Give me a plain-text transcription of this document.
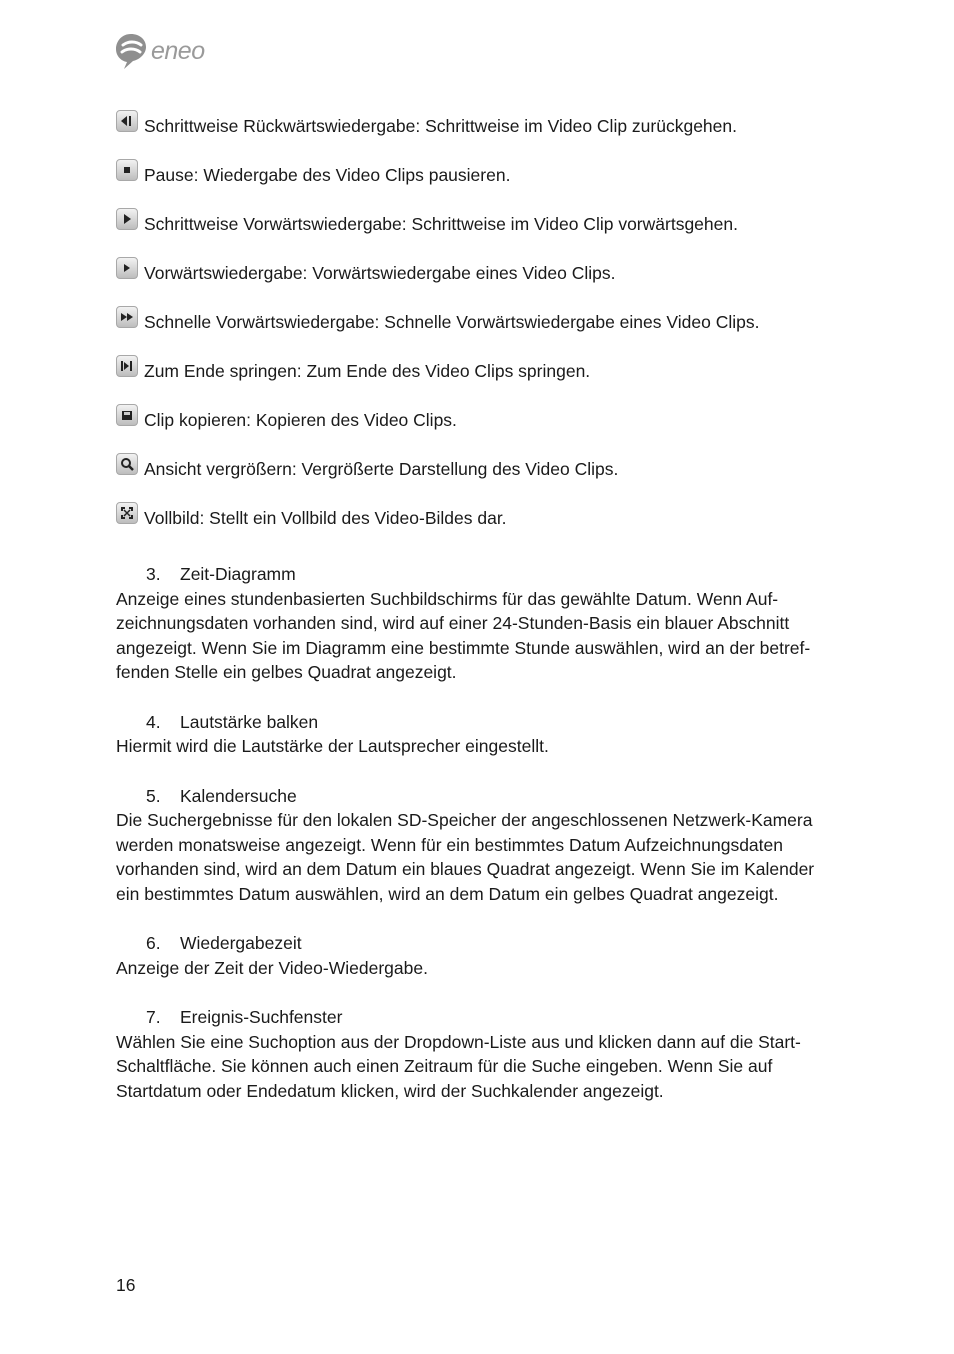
eneo
Schrittweise Rückwärtswiedergabe: Schrittweise im Video Clip zurückgehen.
Pause: Wiedergabe des Video Clips pausieren.
Schrittweise Vorwärtswiedergabe: Schrittweise im Video Clip vorwärtsgehen.
Vorwärtswiedergabe: Vorwärtswiedergabe eines Video Clips.
Schnelle Vorwärtswiedergabe: Schnelle Vorwärtswiedergabe eines Video Clips.
Zum Ende springen: Zum Ende des Video Clips springen.
Clip kopieren: Kopieren des Video Clips.
Ansicht vergrößern: Vergrößerte Darstellung des Video Clips.
Vollbild: Stellt ein Vollbild des Video-Bildes dar.
3. Zeit-Diagramm
Anzeige eines stundenbasierten Suchbildschirms für das gewählte Datum. Wenn Auf-
zeichnungsdaten vorhanden sind, wird auf einer 24-Stunden-Basis ein blauer Abschnitt
angezeigt. Wenn Sie im Diagramm eine bestimmte Stunde auswählen, wird an der betref-
fenden Stelle ein gelbes Quadrat angezeigt.
4. Lautstärke balken
Hiermit wird die Lautstärke der Lautsprecher eingestellt.
5. Kalendersuche
Die Suchergebnisse für den lokalen SD-Speicher der angeschlossenen Netzwerk-Kamera
werden monatsweise angezeigt. Wenn für ein bestimmtes Datum Aufzeichnungsdaten
vorhanden sind, wird an dem Datum ein blaues Quadrat angezeigt. Wenn Sie im Kalender
ein bestimmtes Datum auswählen, wird an dem Datum ein gelbes Quadrat angezeigt.
6. Wiedergabezeit
Anzeige der Zeit der Video-Wiedergabe.
7. Ereignis-Suchfenster
Wählen Sie eine Suchoption aus der Dropdown-Liste aus und klicken dann auf die Start-
Schaltfläche. Sie können auch einen Zeitraum für die Suche eingeben. Wenn Sie auf
Startdatum oder Endedatum klicken, wird der Suchkalender angezeigt.
16
